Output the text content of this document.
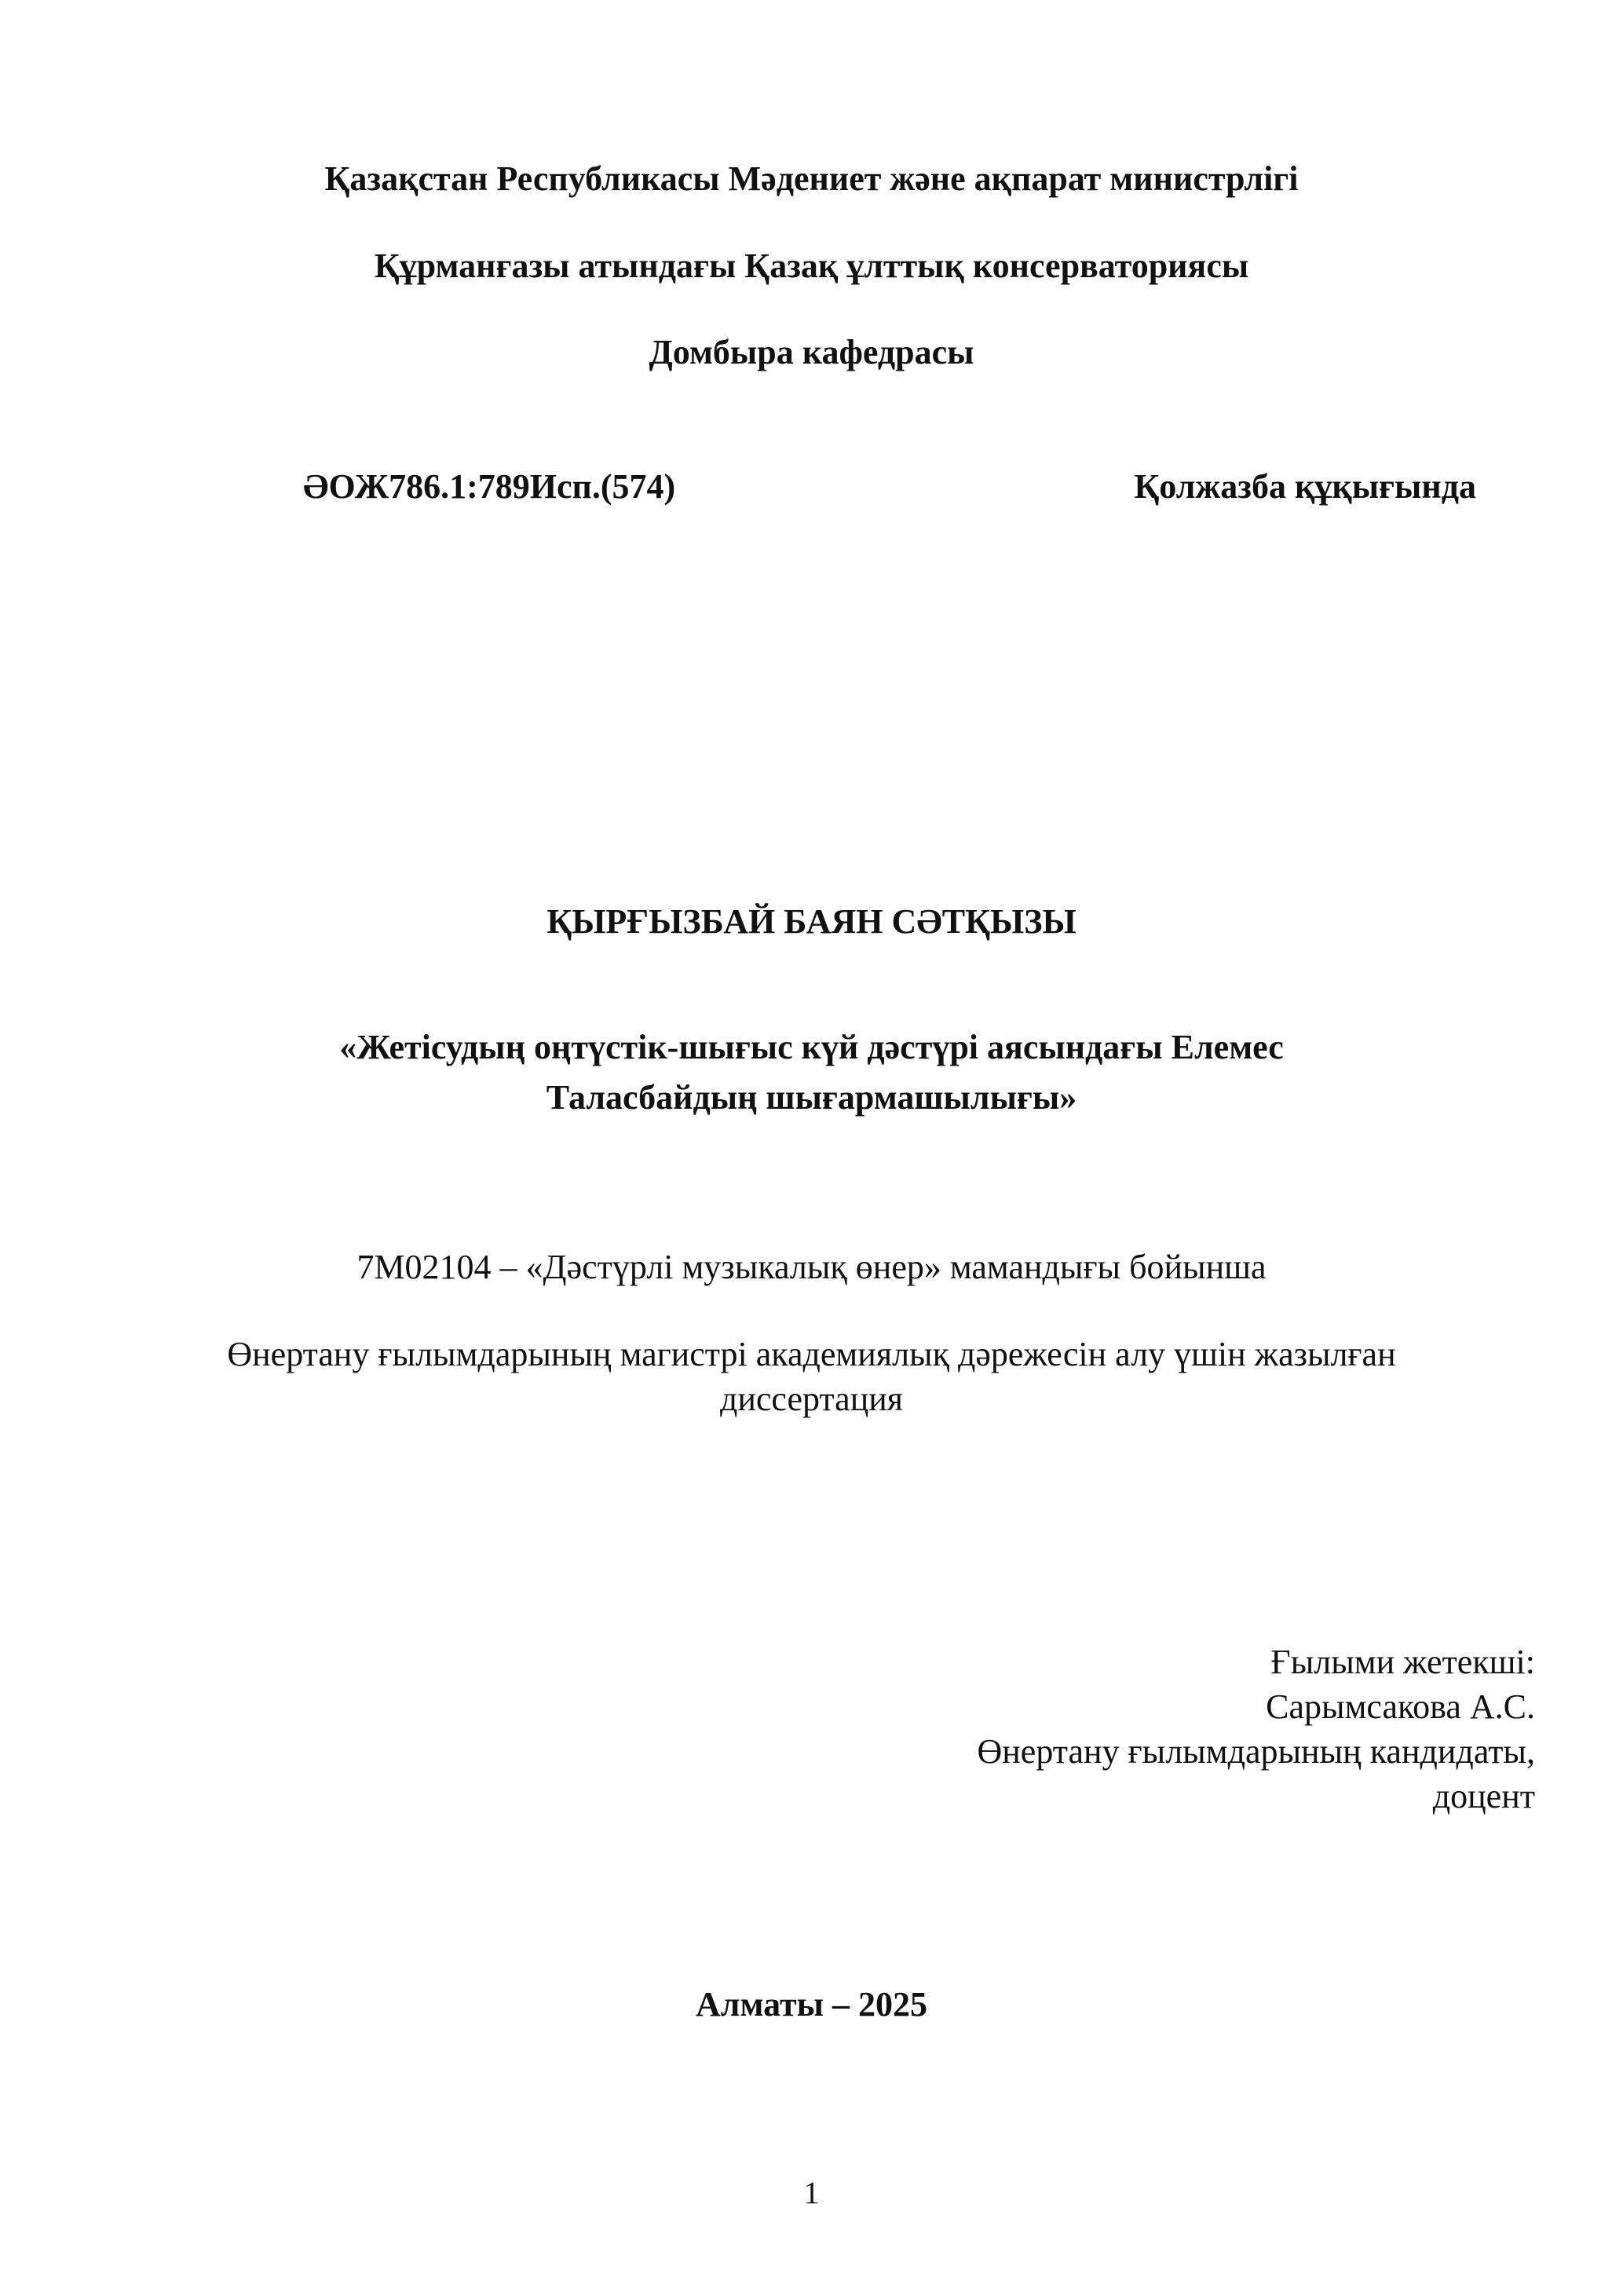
Қазақстан Республикасы Мәдениет және ақпарат министрлігі
Құрманғазы атындағы Қазақ ұлттық консерваториясы
Домбыра кафедрасы
ӘОЖ786.1:789Исп.(574)	Қолжазба құқығында
ҚЫРҒЫЗБАЙ БАЯН СӘТҚЫЗЫ
«Жетісудың оңтүстік-шығыс күй дәстүрі аясындағы Елемес
Таласбайдың шығармашылығы»
7М02104 – «Дәстүрлі музыкалық өнер» мамандығы бойынша
Өнертану ғылымдарының магистрі академиялық дәрежесін алу үшін жазылған
диссертация
Ғылыми жетекші:
Сарымсакова А.С.
Өнертану ғылымдарының кандидаты,
доцент
Алматы – 2025
1
